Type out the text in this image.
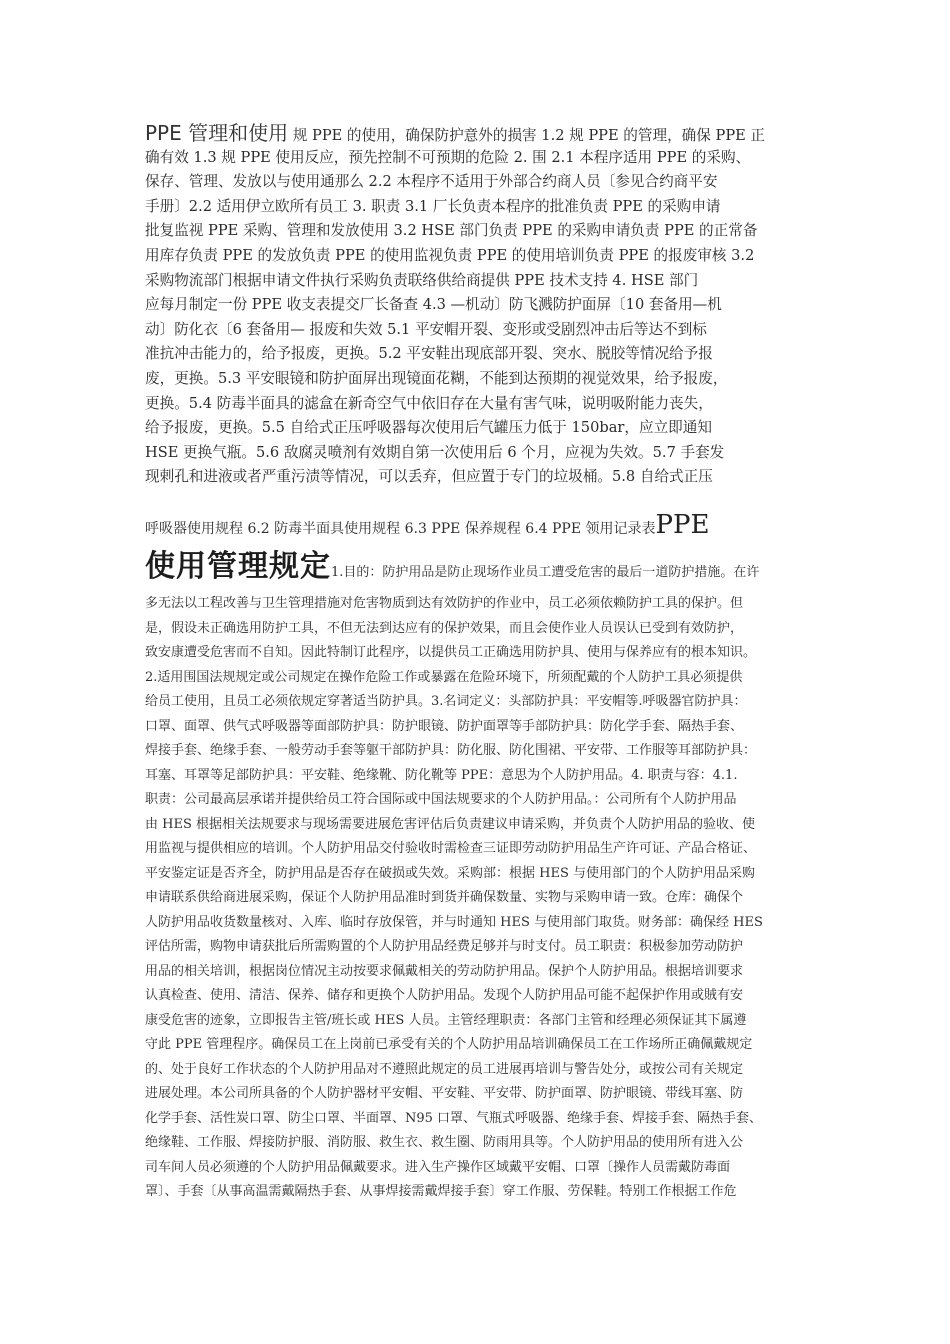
PPE 管理和使用 规 PPE 的使用，确保防护意外的损害 1.2 规 PPE 的管理，确保 PPE 正
确有效 1.3 规 PPE 使用反应，预先控制不可预期的危险 2. 围 2.1 本程序适用 PPE 的采购、
保存、管理、发放以与使用通那么 2.2 本程序不适用于外部合约商人员〔参见合约商平安
手册〕2.2 适用伊立欧所有员工 3. 职责 3.1 厂长负责本程序的批准负责 PPE 的采购申请
批复监视 PPE 采购、管理和发放使用 3.2 HSE 部门负责 PPE 的采购申请负责 PPE 的正常备
用库存负责 PPE 的发放负责 PPE 的使用监视负责 PPE 的使用培训负责 PPE 的报废审核 3.2
采购物流部门根据申请文件执行采购负责联络供给商提供 PPE 技术支持 4. HSE 部门
应每月制定一份 PPE 收支表提交厂长备查 4.3 —机动〕防飞溅防护面屏〔10 套备用—机
动〕防化衣〔6 套备用— 报废和失效 5.1 平安帽开裂、变形或受剧烈冲击后等达不到标
准抗冲击能力的，给予报废，更换。5.2 平安鞋出现底部开裂、突水、脱胶等情况给予报
废，更换。5.3 平安眼镜和防护面屏出现镜面花糊，不能到达预期的视觉效果，给予报废，
更换。5.4 防毒半面具的滤盒在新奇空气中依旧存在大量有害气味，说明吸附能力丧失，
给予报废，更换。5.5 自给式正压呼吸器每次使用后气罐压力低于 150bar，应立即通知
HSE 更换气瓶。5.6 敌腐灵喷剂有效期自第一次使用后 6 个月，应视为失效。5.7 手套发
现剌孔和进液或者严重污渍等情况，可以丢弃，但应置于专门的垃圾桶。5.8 自给式正压
呼吸器使用规程 6.2 防毒半面具使用规程 6.3 PPE 保养规程 6.4 PPE 领用记录表PPE
使用管理规定1.目的：防护用品是防止现场作业员工遭受危害的最后一道防护措施。在许
多无法以工程改善与卫生管理措施对危害物质到达有效防护的作业中，员工必须依赖防护工具的保护。但
是，假设未正确选用防护工具，不但无法到达应有的保护效果，而且会使作业人员误认已受到有效防护，
致安康遭受危害而不自知。因此特制订此程序，以提供员工正确选用防护具、使用与保养应有的根本知识。
2.适用围国法规规定或公司规定在操作危险工作或暴露在危险环境下，所须配戴的个人防护工具必须提供
给员工使用，且员工必须依规定穿著适当防护具。3.名词定义：头部防护具：平安帽等.呼吸器官防护具：
口罩、面罩、供气式呼吸器等面部防护具：防护眼镜、防护面罩等手部防护具：防化学手套、隔热手套、
焊接手套、绝缘手套、一般劳动手套等躯干部防护具：防化服、防化围裙、平安带、工作服等耳部防护具：
耳塞、耳罩等足部防护具：平安鞋、绝缘靴、防化靴等 PPE：意思为个人防护用品。4. 职责与容：4.1.
职责：公司最高层承诺并提供给员工符合国际或中国法规要求的个人防护用品。：公司所有个人防护用品
由 HES 根据相关法规要求与现场需要进展危害评估后负责建议申请采购，并负责个人防护用品的验收、使
用监视与提供相应的培训。个人防护用品交付验收时需检查三证即劳动防护用品生产许可证、产品合格证、
平安鉴定证是否齐全，防护用品是否存在破损或失效。采购部：根据 HES 与使用部门的个人防护用品采购
申请联系供给商进展采购，保证个人防护用品准时到货并确保数量、实物与采购申请一致。仓库：确保个
人防护用品收货数量核对、入库、临时存放保管，并与时通知 HES 与使用部门取货。财务部：确保经 HES
评估所需，购物申请获批后所需购置的个人防护用品经费足够并与时支付。员工职责：积极参加劳动防护
用品的相关培训，根据岗位情况主动按要求佩戴相关的劳动防护用品。保护个人防护用品。根据培训要求
认真检查、使用、清洁、保养、储存和更换个人防护用品。发现个人防护用品可能不起保护作用或賊有安
康受危害的迹象，立即报告主管/班长或 HES 人员。主管经理职责：各部门主管和经理必须保证其下属遵
守此 PPE 管理程序。确保员工在上岗前已承受有关的个人防护用品培训确保员工在工作场所正确佩戴规定
的、处于良好工作状态的个人防护用品对不遵照此规定的员工进展再培训与警告处分，或按公司有关规定
进展处理。本公司所具备的个人防护器材平安帽、平安鞋、平安带、防护面罩、防护眼镜、带线耳塞、防
化学手套、活性炭口罩、防尘口罩、半面罩、N95 口罩、气瓶式呼吸器、绝缘手套、焊接手套、隔热手套、
绝缘鞋、工作服、焊接防护服、消防服、救生衣、救生圈、防雨用具等。个人防护用品的使用所有进入公
司车间人员必须遵的个人防护用品佩戴要求。进入生产操作区域戴平安帽、口罩〔操作人员需戴防毒面
罩〕、手套〔从事高温需戴隔热手套、从事焊接需戴焊接手套〕穿工作服、劳保鞋。特别工作根据工作危
